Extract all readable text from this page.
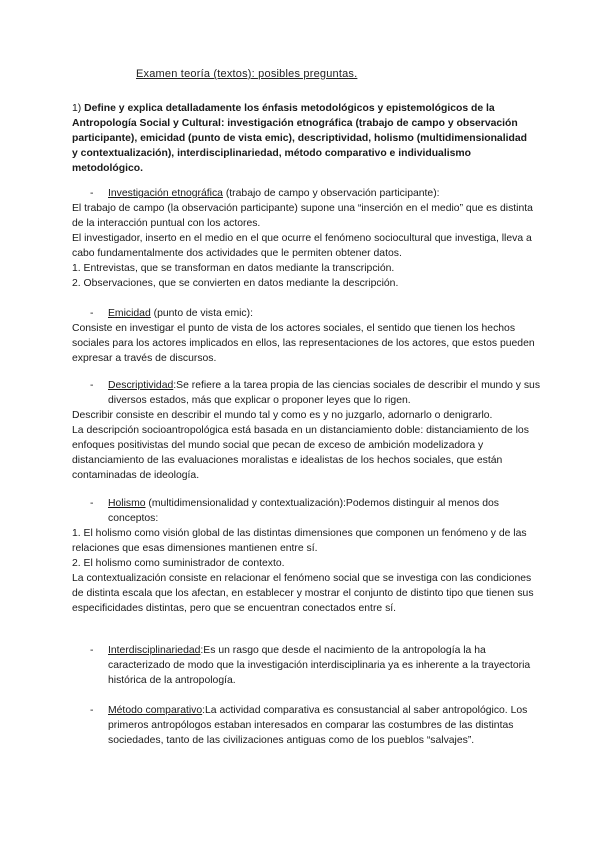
Examen teoría (textos): posibles preguntas.
1) Define y explica detalladamente los énfasis metodológicos y epistemológicos de la Antropología Social y Cultural: investigación etnográfica (trabajo de campo y observación participante), emicidad (punto de vista emic), descriptividad, holismo (multidimensionalidad y contextualización), interdisciplinariedad, método comparativo e individualismo metodológico.
- Investigación etnográfica (trabajo de campo y observación participante):

El trabajo de campo (la observación participante) supone una “inserción en el medio” que es distinta de la interacción puntual con los actores.

El investigador, inserto en el medio en el que ocurre el fenómeno sociocultural que investiga, lleva a cabo fundamentalmente dos actividades que le permiten obtener datos.

1. Entrevistas, que se transforman en datos mediante la transcripción.

2. Observaciones, que se convierten en datos mediante la descripción.

- Emicidad (punto de vista emic):

Consiste en investigar el punto de vista de los actores sociales, el sentido que tienen los hechos sociales para los actores implicados en ellos, las representaciones de los actores, que estos pueden expresar a través de discursos.

- Descriptividad:Se refiere a la tarea propia de las ciencias sociales de describir el mundo y sus diversos estados, más que explicar o proponer leyes que lo rigen.

Describir consiste en describir el mundo tal y como es y no juzgarlo, adornarlo o denigrarlo.

La descripción socioantropológica está basada en un distanciamiento doble: distanciamiento de los enfoques positivistas del mundo social que pecan de exceso de ambición modelizadora y distanciamiento de las evaluaciones moralistas e idealistas de los hechos sociales, que están contaminadas de ideología.

- Holismo (multidimensionalidad y contextualización):Podemos distinguir al menos dos conceptos:

1. El holismo como visión global de las distintas dimensiones que componen un fenómeno y de las relaciones que esas dimensiones mantienen entre sí.

2. El holismo como suministrador de contexto.

La contextualización consiste en relacionar el fenómeno social que se investiga con las condiciones de distinta escala que los afectan, en establecer y mostrar el conjunto de distinto tipo que tienen sus especificidades distintas, pero que se encuentran conectados entre sí.

- Interdisciplinariedad:Es un rasgo que desde el nacimiento de la antropología la ha caracterizado de modo que la investigación interdisciplinaria ya es inherente a la trayectoria histórica de la antropología.
- Método comparativo:La actividad comparativa es consustancial al saber antropológico. Los primeros antropólogos estaban interesados en comparar las costumbres de las distintas sociedades, tanto de las civilizaciones antiguas como de los pueblos “salvajes”.
